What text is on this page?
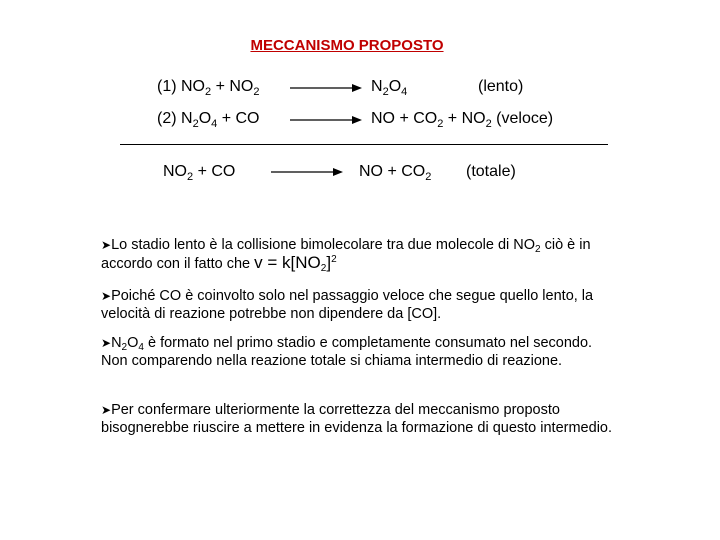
MECCANISMO PROPOSTO
(1) $NO_2 + NO_2$	$N_2O_4$	(lento)
(2) $N_2O_4$ + CO	NO + $CO_2 + NO_2$ (veloce)
$NO_2$ + CO	NO + $CO_2$ (totale)
➤Lo stadio lento è la collisione bimolecolare tra due molecole di $NO_2$ ciò è in accordo con il fatto che $v = k[NO_2]^2$
➤Poiché CO è coinvolto solo nel passaggio veloce che segue quello lento, la velocità di reazione potrebbe non dipendere da [CO].
$➤N_2O_4$ è formato nel primo stadio e completamente consumato nel secondo. Non comparendo nella reazione totale si chiama intermedio di reazione.
➤Per confermare ulteriormente la correttezza del meccanismo proposto bisognerebbe riuscire a mettere in evidenza la formazione di questo intermedio.
